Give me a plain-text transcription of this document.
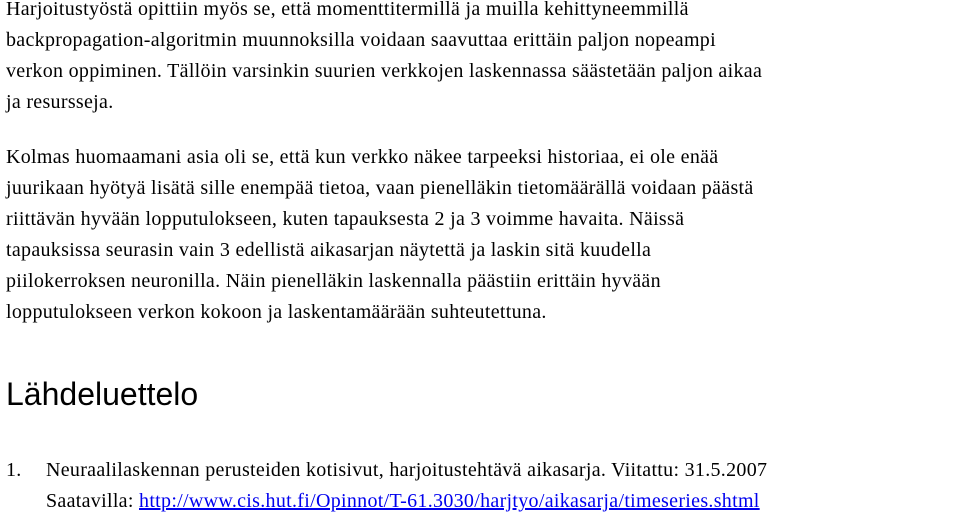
Harjoitustyöstä opittiin myös se, että momenttitermillä ja muilla kehittyneemmillä
backpropagation-algoritmin muunnoksilla voidaan saavuttaa erittäin paljon nopeampi
verkon oppiminen. Tällöin varsinkin suurien verkkojen laskennassa säästetään paljon aikaa
ja resursseja.

Kolmas huomaamani asia oli se, että kun verkko näkee tarpeeksi historiaa, ei ole enää
juurikaan hyötyä lisätä sille enempää tietoa, vaan pienelläkin tietomäärällä voidaan päästä
riittävän hyvään lopputulokseen, kuten tapauksesta 2 ja 3 voimme havaita. Näissä
tapauksissa seurasin vain 3 edellistä aikasarjan näytettä ja laskin sitä kuudella
piilokerroksen neuronilla. Näin pienelläkin laskennalla päästiin erittäin hyvään
lopputulokseen verkon kokoon ja laskentamäärään suhteutettuna.

Lähdeluettelo
1.	Neuraalilaskennan perusteiden kotisivut, harjoitustehtävä aikasarja. Viitattu: 31.5.2007
Saatavilla: http://www.cis.hut.fi/Opinnot/T-61.3030/harjtyo/aikasarja/timeseries.shtml
